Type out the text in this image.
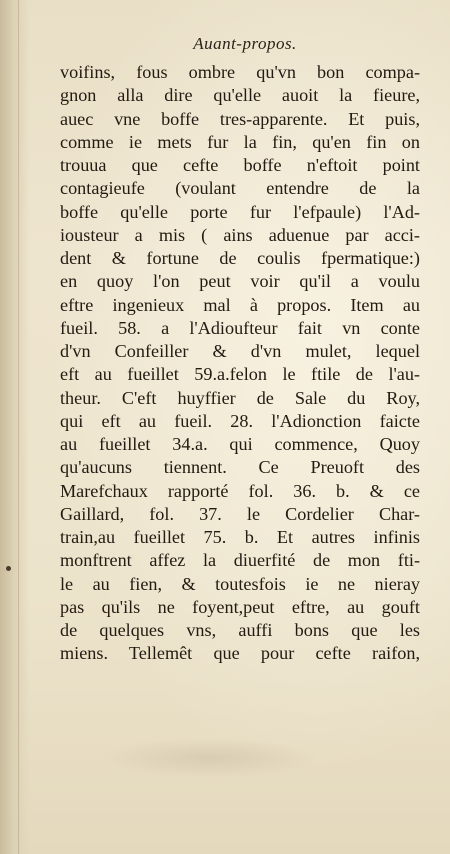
Auant-propos.
voifins, fous ombre qu'vn bon compa-
gnon alla dire qu'elle auoit la fieure,
auec vne boffe tres-apparente. Et puis,
comme ie mets fur la fin, qu'en fin on
trouua que cefte boffe n'eftoit point
contagieufe (voulant entendre de la
boffe qu'elle porte fur l'efpaule) l'Ad-
iousteur a mis ( ains aduenue par acci-
dent & fortune de coulis fpermatique:)
en quoy l'on peut voir qu'il a voulu
eftre ingenieux mal à propos. Item au
fueil. 58. a l'Adioufteur fait vn conte
d'vn Confeiller & d'vn mulet, lequel
eft au fueillet 59.a.felon le ftile de l'au-
theur. C'eft huyffier de Sale du Roy,
qui eft au fueil. 28. l'Adionction faicte
au fueillet 34.a. qui commence, Quoy
qu'aucuns tiennent. Ce Preuoft des
Marefchaux rapporté fol. 36. b. & ce
Gaillard, fol. 37. le Cordelier Char-
train,au fueillet 75. b. Et autres infinis
monftrent affez la diuerfité de mon fti-
le au fien, & toutesfois ie ne nieray
pas qu'ils ne foyent,peut eftre, au gouft
de quelques vns, auffi bons que les
miens. Tellemêt que pour cefte raifon,
